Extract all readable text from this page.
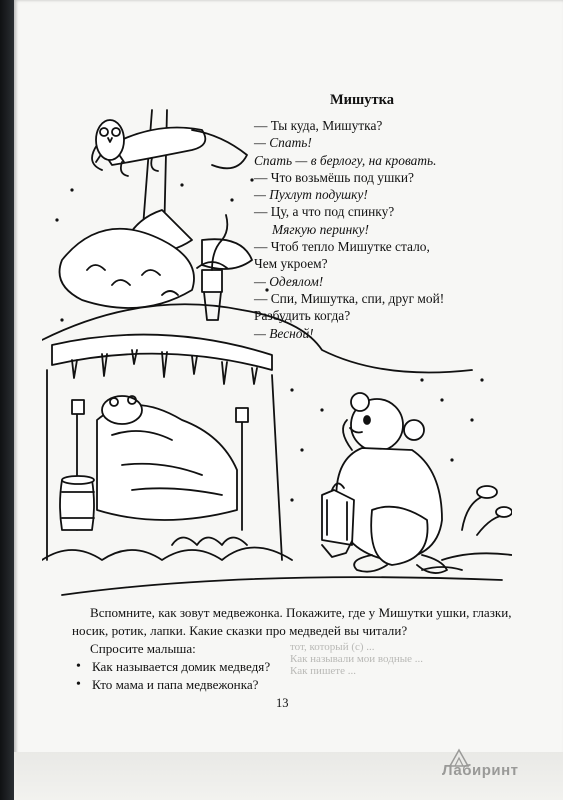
Мишутка
— Ты куда, Мишутка?
— Спать!
Спать — в берлогу, на кровать.
— Что возьмёшь под ушки?
— Пухлут подушку!
— Цу, а что под спинку?
Мягкую перинку!
— Чтоб тепло Мишутке стало,
Чем укроем?
— Одеялом!
— Спи, Мишутка, спи, друг мой!
Разбудить когда?
— Весной!
тот, который (с) ...
Как называли мои водные ...
Как пишете ...

Вспомните, как зовут медвежонка. Покажите, где у Мишутки ушки, глазки, носик, ротик, лапки. Какие сказки про медведей вы читали?

Спросите малыша:
• Как называется домик медведя?
• Кто мама и папа медвежонка?
13
Лабиринт
